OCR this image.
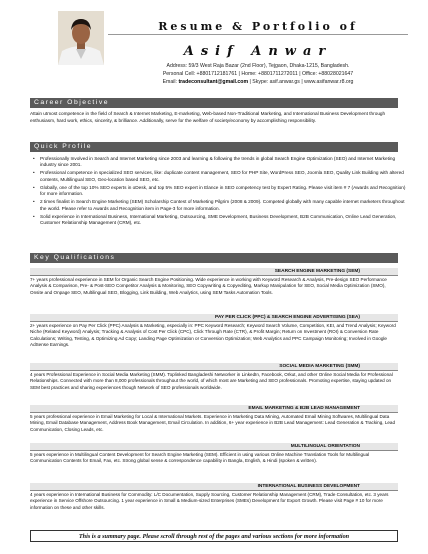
Resume & Portfolio of
Asif Anwar
Address: 59/3 West Raja Bazar (2nd Floor), Tejgaon, Dhaka-1215, Bangladesh.
Personal Cell: +8801712181761 | Home: +8801711272011 | Office: +88028021647
Email: tradeconsultant@gmail.com | Skype: asif.anwar.gs | www.asifanwar.r8.org
Career Objective
Attain utmost competence in the field of Search & Internet Marketing, E-marketing, Web-based Non-Traditional Marketing, and International Business Development through enthusiasm, hard work, ethics, sincerity, & brilliance. Additionally, serve for the welfare of society/economy by accomplishing responsibility.
Quick Profile
• Professionally Involved in Search and Internet Marketing since 2003 and learning & following the trends in global Search Engine Optimization (SEO) and Internet Marketing industry since 2001.
• Professional competence in specialized SEO services, like: duplicate content management, SEO for PHP Site, WordPress SEO, Joomla SEO, Quality Link Building with altered contents, Multilingual SEO, Geo-location based SEO, etc.
• Globally, one of the top 10% SEO experts in oDesk, and top 5% SEO expert in Elance in SEO competency test by Expert Rating. Please visit item # 7 (Awards and Recognition) for more information.
• 2 times finalist in Search Engine Marketing (SEM) Scholarship Contest of Marketing Pilgrim (2008 & 2009). Competed globally with many capable internet marketers throughout the world. Please refer to Awards and Recognition item in Page-3 for more information.
• Solid experience in International Business, International Marketing, Outsourcing, SME Development, Business Development, B2B Communication, Online Lead Generation, Customer Relationship Management (CRM), etc.
Key Qualifications
SEARCH ENGINE MARKETING (SEM)
7+ years professional experience in SEM for Organic Search Engine Positioning. Wide experience in working with Keyword Research & Analysis, Pre-design SEO Performance Analysis & Comparison, Pre- & Post-SEO Competitor Analysis & Monitoring, SEO Copywriting & Copyediting, Markup Manipulation for SEO, Social Media Optimization (SMO), Onsite and Onpage SEO, Multilingual SEO, Blogging, Link Building, Web Analytics, using SEM Tasks Automation Tools.
PAY PER CLICK (PPC) & SEARCH ENGINE ADVERTISING (SEA)
2+ years experience on Pay Per Click (PPC) Analysis & Marketing, especially in: PPC Keyword Research; Keyword Search Volume, Competition, KEI, and Trend Analysis; Keyword Niche (Related Keyword) Analysis; Tracking & Analysis of Cost Per Click (CPC), Click Through Rate (CTR), & Profit Margin; Return on Investment (ROI) & Conversion Rate Calculations; Writing, Testing, & Optimizing Ad Copy; Landing Page Optimization or Conversion Optimization; Web Analytics and PPC Campaign Monitoring; Involved in Google AdSense Earnings.
SOCIAL MEDIA MARKETING (SMM)
4 years Professional Experience in Social Media Marketing (SMM). Toplinked Bangladeshi Networker in LinkedIn, Facebook, Orkut, and other Online Social Media for Professional Relationships. Connected with more than 8,000 professionals throughout the world, of which most are Marketing and SEO professionals. Promoting expertise, staying updated on SEM best practices and sharing experiences though Network of SEO professionals worldwide.
EMAIL MARKETING & B2B LEAD MANAGEMENT
5 years professional experience in Email Marketing for Local & International Markets. Experience in Marketing Data Mining, Automated Email Mining Softwares, Multilingual Data Mining, Email Database Management, Address Book Management, Email Circulation. In addition, 6+ year experience in B2B Lead Management: Lead Generation & Tracking, Lead Communication, Closing Leads, etc.
MULTILINGUAL ORIENTATION
5 years experience in Multilingual Content Development for Search Engine Marketing (SEM). Efficient in using various Online Machine Translation Tools for Multilingual Communication Contents for Email, Fax, etc. Strong global sense & correspondence capability in Bangla, English, & Hindi (spoken & written).
INTERNATIONAL BUSINESS DEVELOPMENT
4 years experience in International Business for Commodity: L/C Documentation, Supply Sourcing, Customer Relationship Management (CRM), Trade Consultation, etc. 3 years experience in Service Offshore Outsourcing. 1 year experience in Small & Medium-sized Enterprises (SMEs) Development for Export Growth. Please visit Page # 10 for more information on these and other skills.
This is a summary page. Please scroll through rest of the pages and various sections for more information
